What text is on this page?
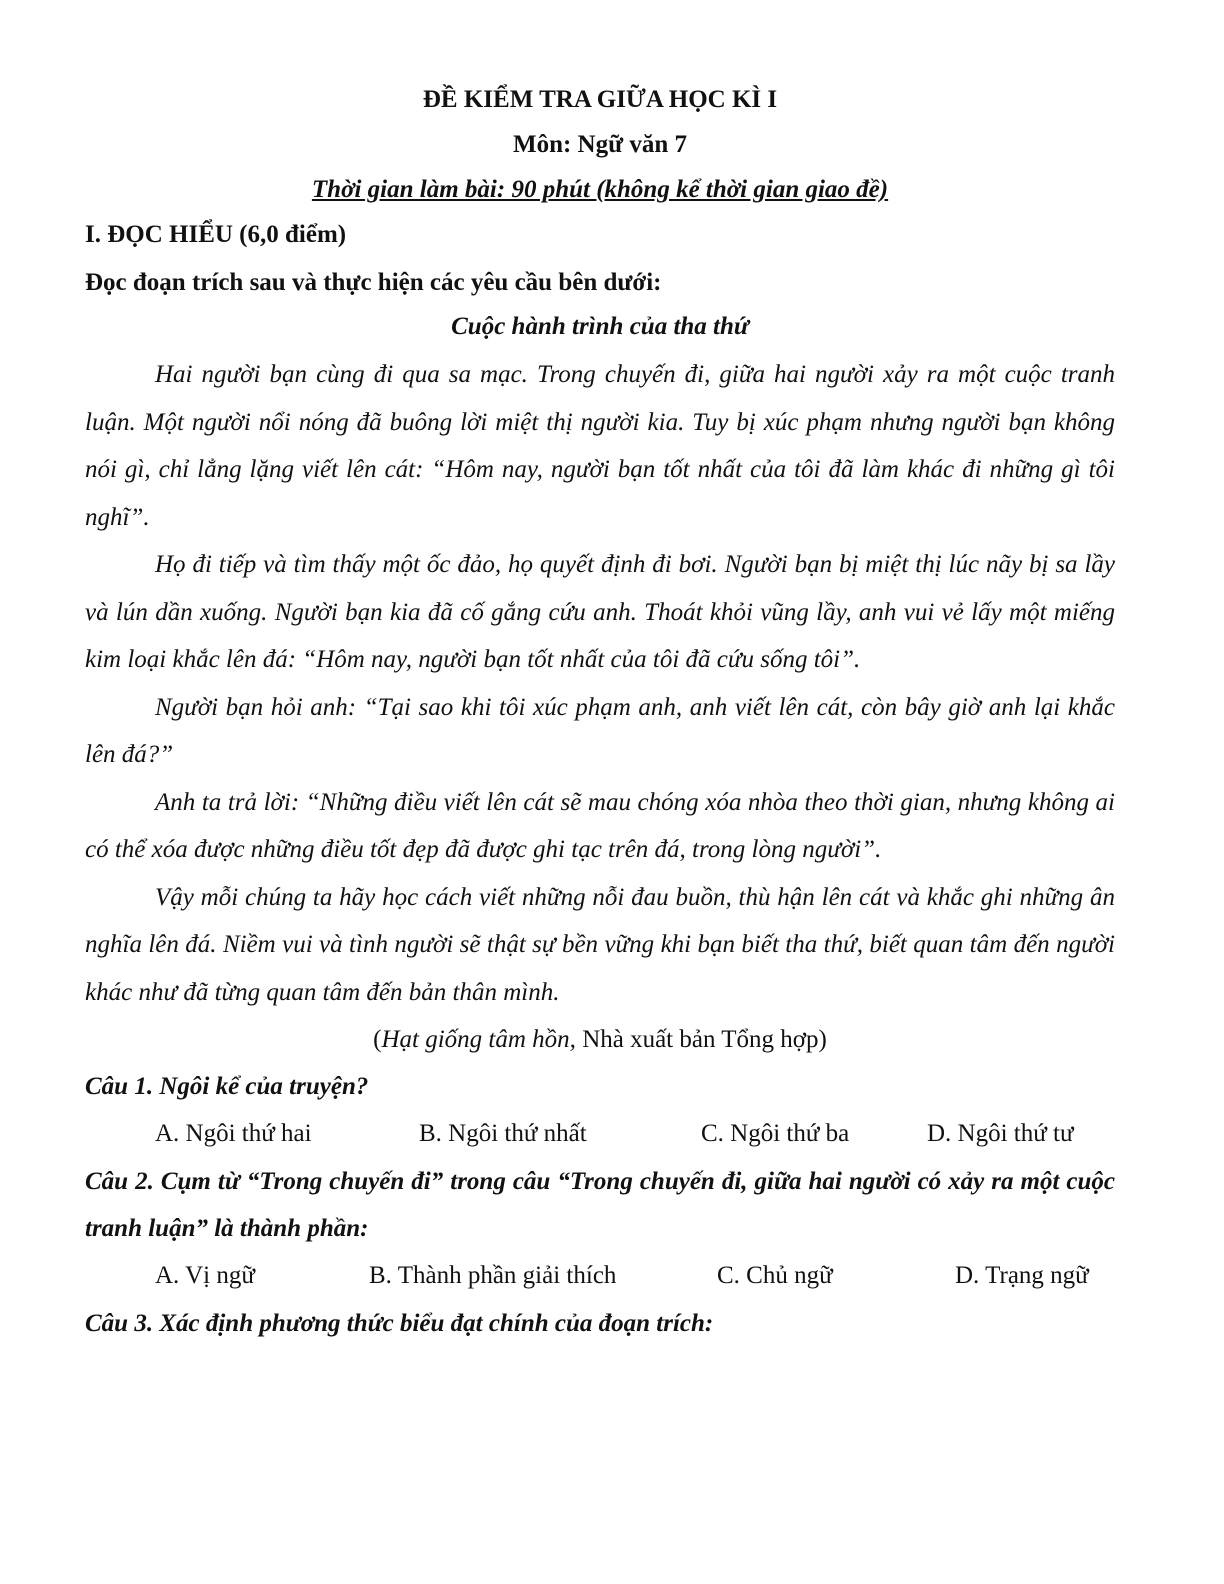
ĐỀ KIỂM TRA GIỮA HỌC KÌ I

Môn: Ngữ văn 7

Thời gian làm bài: 90 phút (không kể thời gian giao đề)

I. ĐỌC HIỂU (6,0 điểm)

Đọc đoạn trích sau và thực hiện các yêu cầu bên dưới:

Cuộc hành trình của tha thứ

Hai người bạn cùng đi qua sa mạc. Trong chuyến đi, giữa hai người xảy ra một cuộc tranh luận. Một người nổi nóng đã buông lời miệt thị người kia. Tuy bị xúc phạm nhưng người bạn không nói gì, chỉ lẳng lặng viết lên cát: “Hôm nay, người bạn tốt nhất của tôi đã làm khác đi những gì tôi nghĩ”.

Họ đi tiếp và tìm thấy một ốc đảo, họ quyết định đi bơi. Người bạn bị miệt thị lúc nãy bị sa lầy và lún dần xuống. Người bạn kia đã cố gắng cứu anh. Thoát khỏi vũng lầy, anh vui vẻ lấy một miếng kim loại khắc lên đá: “Hôm nay, người bạn tốt nhất của tôi đã cứu sống tôi”.

Người bạn hỏi anh: “Tại sao khi tôi xúc phạm anh, anh viết lên cát, còn bây giờ anh lại khắc lên đá?”

Anh ta trả lời: “Những điều viết lên cát sẽ mau chóng xóa nhòa theo thời gian, nhưng không ai có thể xóa được những điều tốt đẹp đã được ghi tạc trên đá, trong lòng người”.

Vậy mỗi chúng ta hãy học cách viết những nỗi đau buồn, thù hận lên cát và khắc ghi những ân nghĩa lên đá. Niềm vui và tình người sẽ thật sự bền vững khi bạn biết tha thứ, biết quan tâm đến người khác như đã từng quan tâm đến bản thân mình.

(Hạt giống tâm hồn, Nhà xuất bản Tổng hợp)

Câu 1. Ngôi kể của truyện?

A. Ngôi thứ hai	B. Ngôi thứ nhất	C. Ngôi thứ ba	D. Ngôi thứ tư

Câu 2. Cụm từ “Trong chuyến đi” trong câu “Trong chuyến đi, giữa hai người có xảy ra một cuộc tranh luận” là thành phần:

A. Vị ngữ	B. Thành phần giải thích	C. Chủ ngữ	D. Trạng ngữ

Câu 3. Xác định phương thức biểu đạt chính của đoạn trích:
